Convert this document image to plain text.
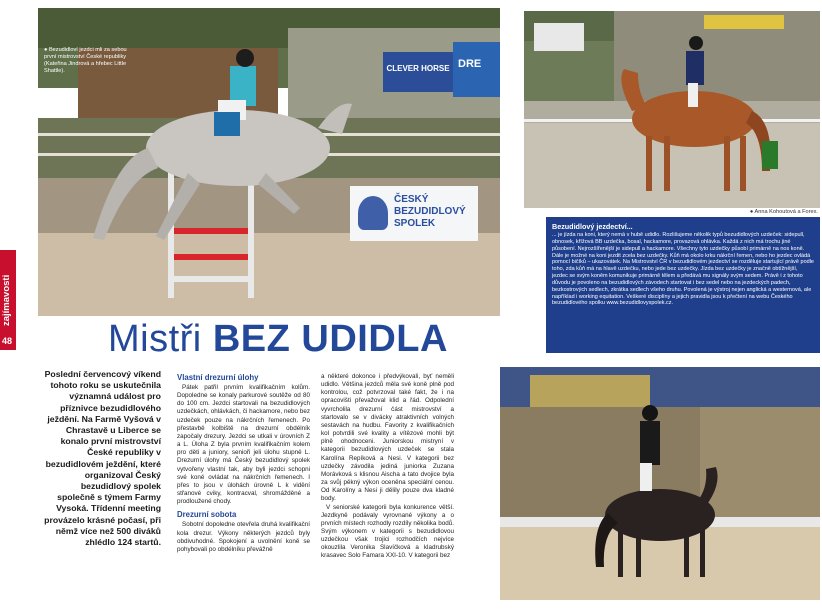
CLEVER HORSE DRE
ČESKÝ
BEZUDIDLOVÝ
SPOLEK
● Bezudidloví jezdci mli za sebou první mistrovství České republiky (Kateřina Jindrová a hřebec Little Shattle).
● Anna Kohoutová a Forex.
zajímavosti
48	Mistři BEZ UDIDLA
Bezudidlový jezdectví...

... je jízda na koni, který nemá v hubě udidlo. Rozlišujeme několik typů bezudidlových uzdeček: sidepull, obnosek, křížová BB uzdečka, bosal, hackamore, provazová ohlávka. Každá z nich má trochu jiné působení. Nejrozšířenější je sidepull a hackamore. Všechny tyto uzdečky působí primárně na nos koně. Dále je možné na koni jezdit zcela bez uzdečky. Kůň má okolo krku nákrční řemen, nebo ho jezdec ovládá pomocí bičíků – ukazovátek. Na Mistrovství ČR v bezudidlovém jezdectví se rozděluje startující právě podle toho, zda kůň má na hlavě uzdečku, nebo jede bez uzdečky. Jízda bez uzdečky je značně obtížnější, jezdec se svým koněm komunikuje primárně tělem a předává mu signály svým sedem. Právě i z tohoto důvodu je povoleno na bezudidlových závodech startovat i bez sedel nebo na jezdeckých padech, bezkostrových sedlech, zkrátka sedlech všeho druhu. Povolená je výstroj nejen anglická a westernová, ale například i working equitation. Veškeré disciplíny a jejich pravidla jsou k přečtení na webu Českého bezudidlového spolku www.bezudidlovyspolek.cz.

Poslední červencový víkend tohoto roku se uskutečnila významná událost pro příznivce bezudidlového ježdění. Na Farmě Vyšová v Chrastavě u Liberce se konalo první mistrovství České republiky v bezudidlovém ježdění, které organizoval Český bezudidlový spolek společně s týmem Farmy Vysoká. Třídenní meeting provázelo krásné počasí, při němž více než 500 diváků zhlédlo 124 startů.
Vlastní drezurní úlohy

Pátek patřil prvním kvalifikačním kolům. Dopoledne se konaly parkurové soutěže od 80 do 100 cm. Jezdci startovali na bezudidlových uzdečkách, ohlávkách, či hackamore, nebo bez uzdeček pouze na nákrčních řemenech. Po přestavbě kolbiště na drezurní obdélník započaly drezury. Jezdci se utkali v úrovních Z a L. Úloha Z byla prvním kvalifikačním kolem pro děti a juniory, senioři jeli úlohu stupně L. Drezurní úlohy má Český bezudidlový spolek vytvořeny vlastní tak, aby byli jezdci schopni své koně ovládat na nákrčních řemenech. I přes to jsou v úlohách úrovně L k vidění střanové cviky, kontracval, shromážděné a prodloužené chody.

Drezurní sobota

Sobotní dopoledne otevřela druhá kvalifikační kola drezur. Výkony některých jezdců byly obdivuhodné. Spokojení a uvolnění koně se pohybovali po obdélníku převážně

a některé dokonce i předvýkovali, byť neměli udidlo. Většina jezdců měla své koně plně pod kontrolou, což potvrzoval také fakt, že i na opracovišti převažoval klid a řád. Odpolední vyvrcholila drezurní část mistrovství a startovalo se v divácky atraktivních volných sestavách na hudbu. Favority z kvalifikačních kol potvrdili své kvality a vítězové mohli být plně ohodnoceni. Juniorskou mistryní v kategorii bezudidlových uzdeček se stala Karolína Repíková a Nesi. V kategorii bez uzdečky závodila jediná juniorka Zuzana Morávková s klisnou Aischa a tato dvojice byla za svůj pěkný výkon oceněna speciální cenou. Od Karolíny a Nesi ji dělily pouze dva kladné body.

V seniorské kategorii byla konkurence větší. Jezdkyně podávaly vyrovnané výkony a o prvních místech rozhodly rozdíly několika bodů. Svým výkonem v kategorii s bezudidlovou uzdečkou však trojici rozhodčích nejvíce okouzlila Veronika Slavíčková a kladrubský krasavec Solo Famara XXI-10. V kategorii bez
